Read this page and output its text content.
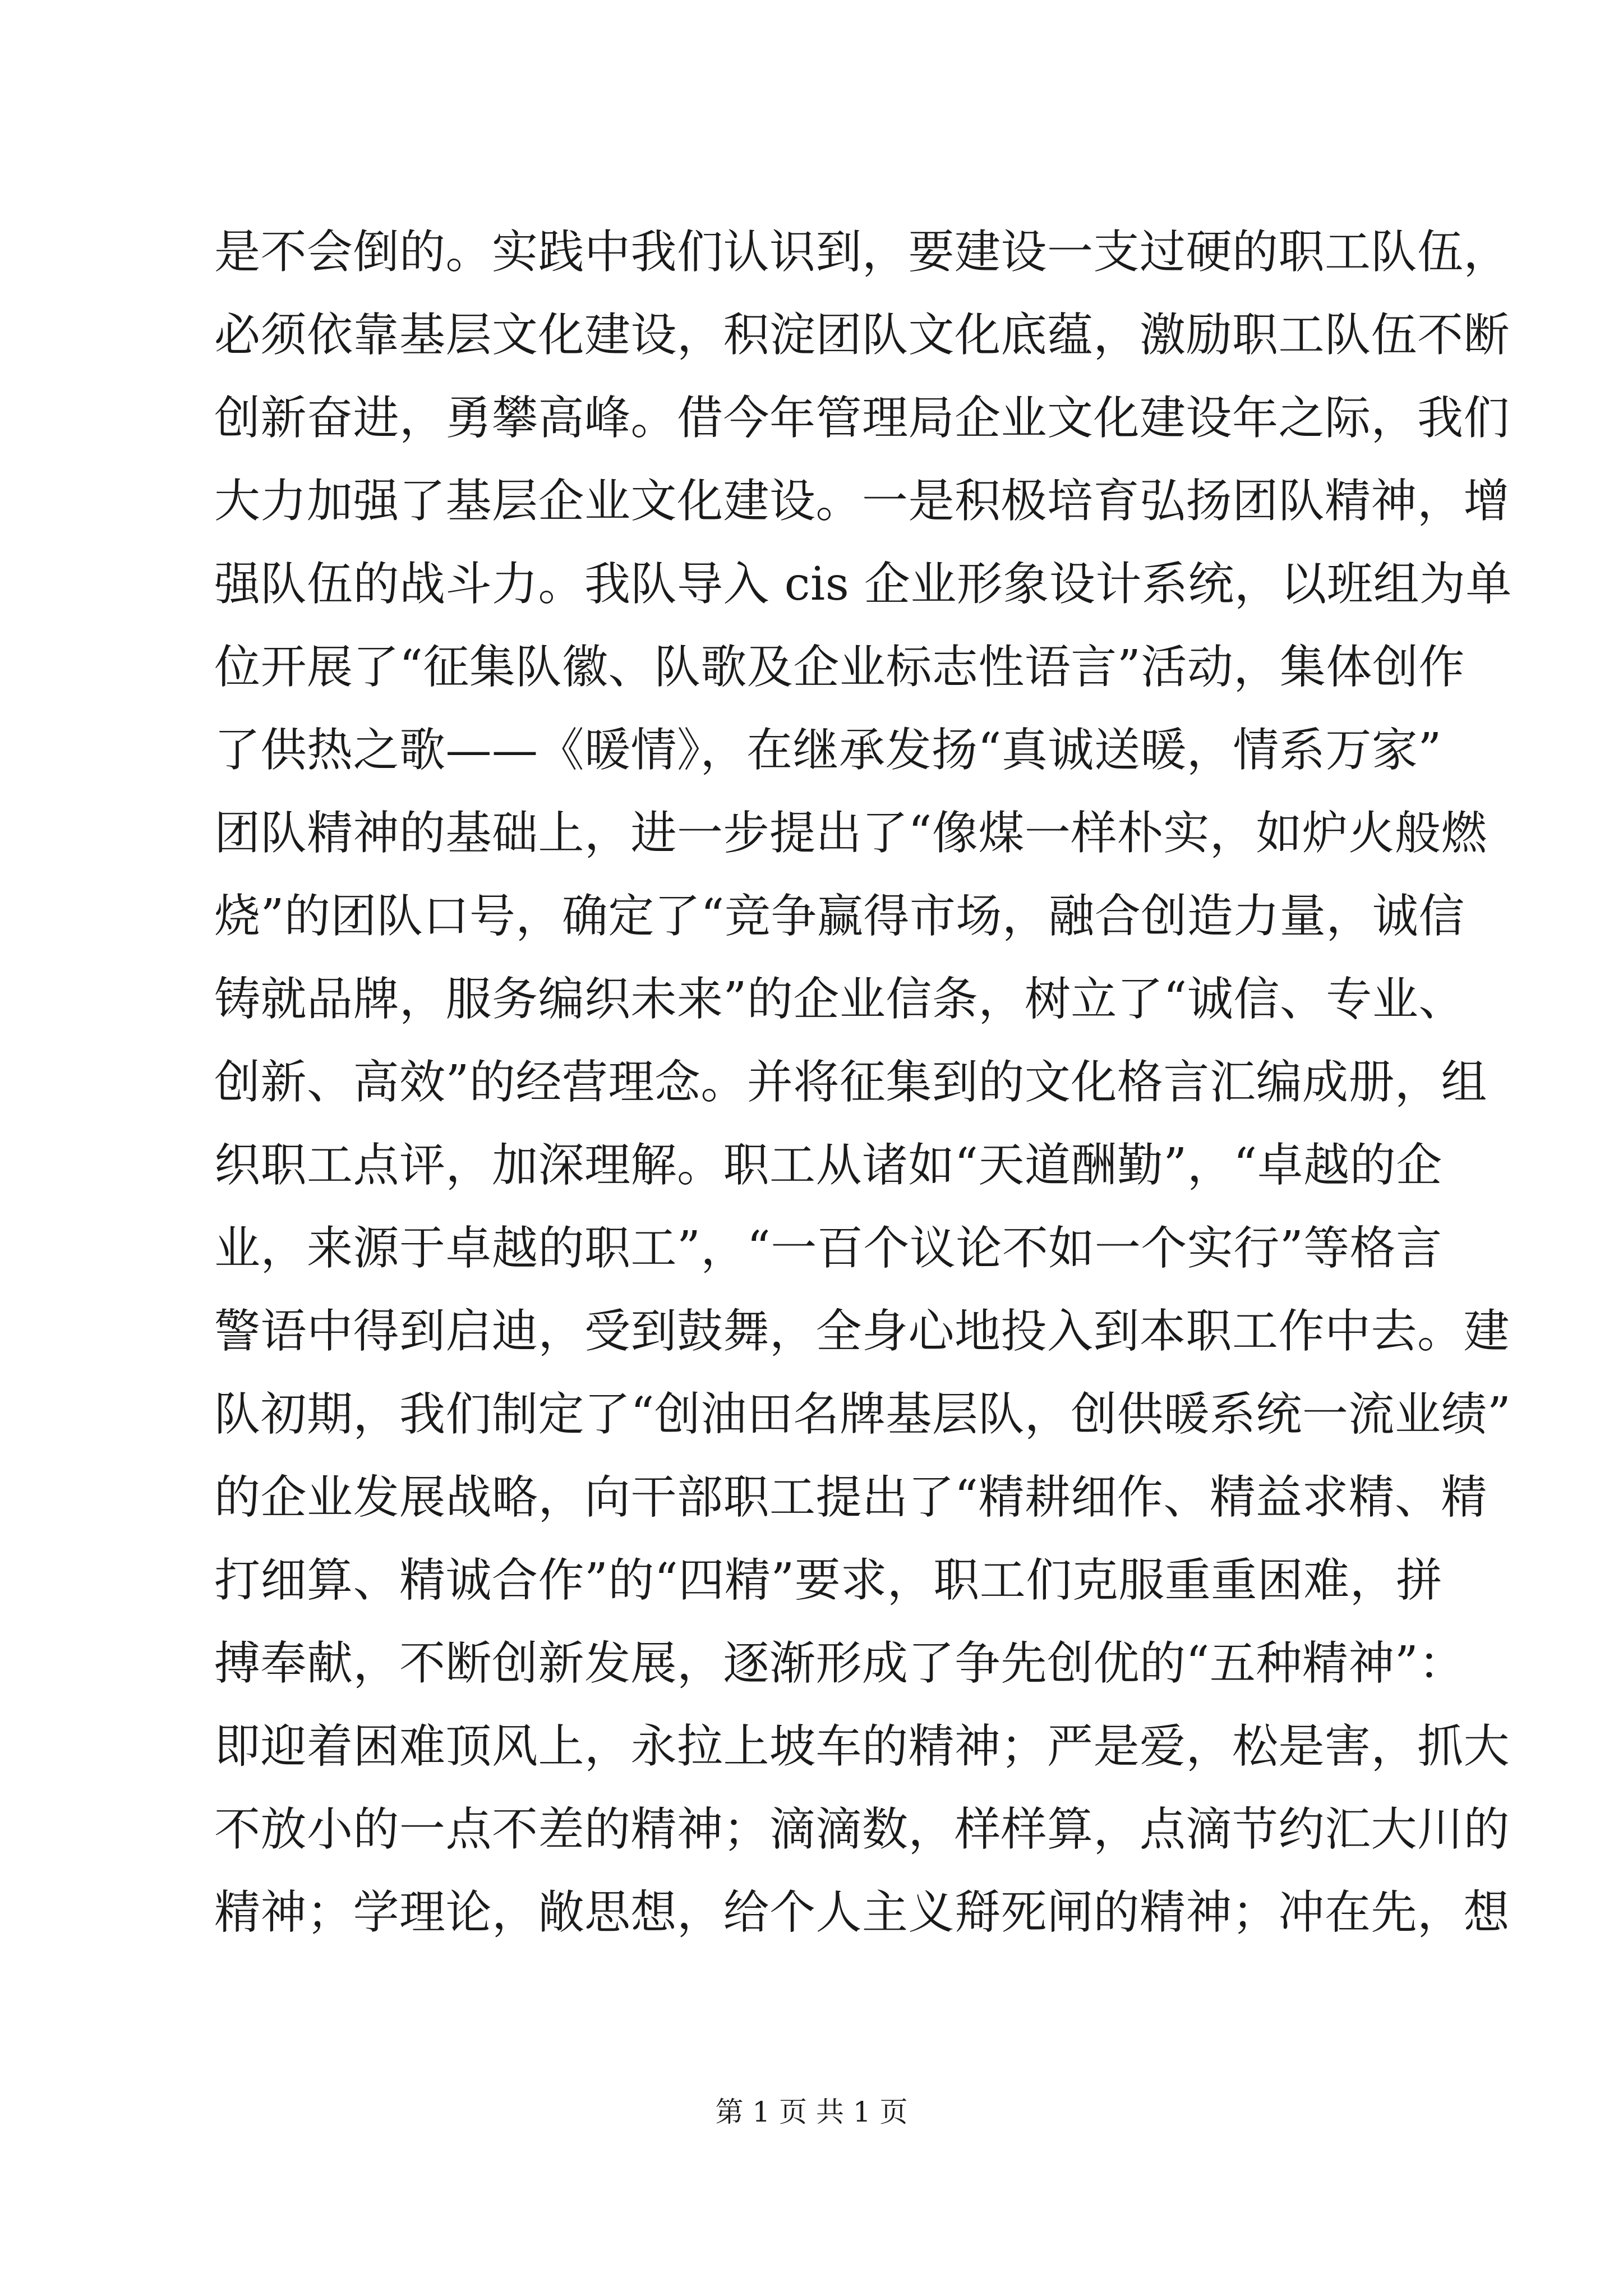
是不会倒的。实践中我们认识到，要建设一支过硬的职工队伍，
必须依靠基层文化建设，积淀团队文化底蕴，激励职工队伍不断
创新奋进，勇攀高峰。借今年管理局企业文化建设年之际，我们
大力加强了基层企业文化建设。一是积极培育弘扬团队精神，增
强队伍的战斗力。我队导入 cis 企业形象设计系统，以班组为单
位开展了“征集队徽、队歌及企业标志性语言”活动，集体创作
了供热之歌——《暖情》，在继承发扬“真诚送暖，情系万家”
团队精神的基础上，进一步提出了“像煤一样朴实，如炉火般燃
烧”的团队口号，确定了“竞争赢得市场，融合创造力量，诚信
铸就品牌，服务编织未来”的企业信条，树立了“诚信、专业、
创新、高效”的经营理念。并将征集到的文化格言汇编成册，组
织职工点评，加深理解。职工从诸如“天道酬勤”，“卓越的企
业，来源于卓越的职工”，“一百个议论不如一个实行”等格言
警语中得到启迪，受到鼓舞，全身心地投入到本职工作中去。建
队初期，我们制定了“创油田名牌基层队，创供暖系统一流业绩”
的企业发展战略，向干部职工提出了“精耕细作、精益求精、精
打细算、精诚合作”的“四精”要求，职工们克服重重困难，拼
搏奉献，不断创新发展，逐渐形成了争先创优的“五种精神”：
即迎着困难顶风上，永拉上坡车的精神；严是爱，松是害，抓大
不放小的一点不差的精神；滴滴数，样样算，点滴节约汇大川的
精神；学理论，敞思想，给个人主义搿死闸的精神；冲在先，想
第 1 页 共 1 页
